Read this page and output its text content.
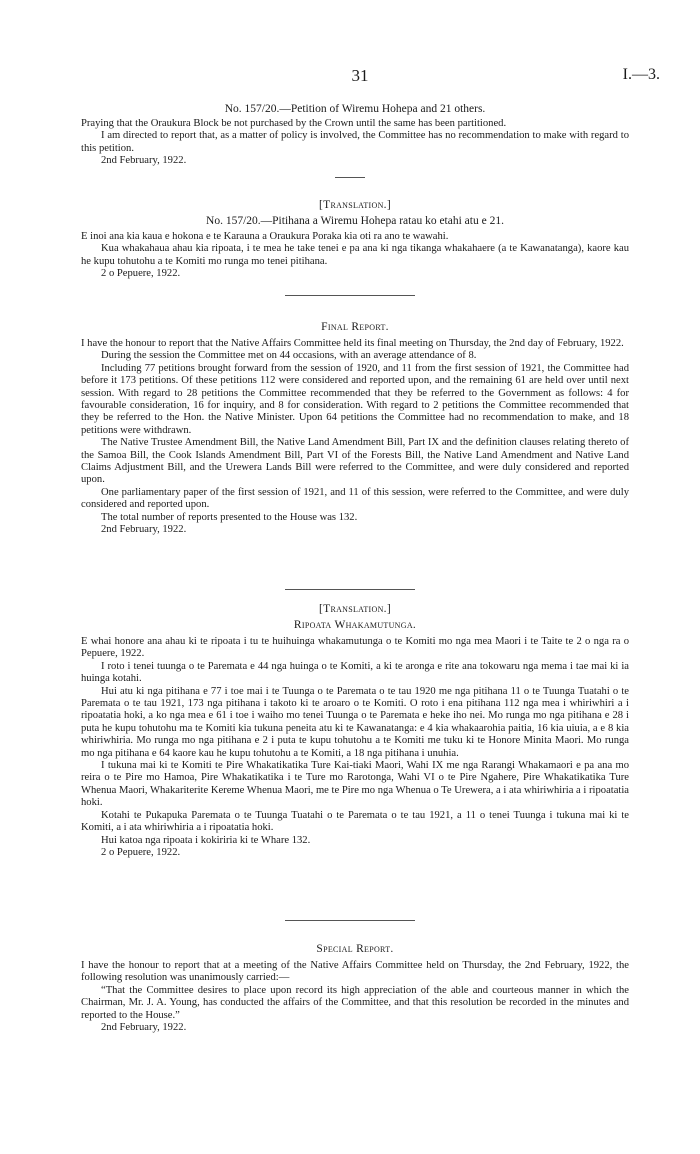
31	I.—3.
No. 157/20.—Petition of Wiremu Hohepa and 21 others.

Praying that the Oraukura Block be not purchased by the Crown until the same has been partitioned.

I am directed to report that, as a matter of policy is involved, the Committee has no recommendation to make with regard to this petition.

2nd February, 1922.

[Translation.]
No. 157/20.—Pitihana a Wiremu Hohepa ratau ko etahi atu e 21.

E inoi ana kia kaua e hokona e te Karauna a Oraukura Poraka kia oti ra ano te wawahi.

Kua whakahaua ahau kia ripoata, i te mea he take tenei e pa ana ki nga tikanga whakahaere (a te Kawanatanga), kaore kau he kupu tohutohu a te Komiti mo runga mo tenei pitihana.

2 o Pepuere, 1922.

Final Report.

I have the honour to report that the Native Affairs Committee held its final meeting on Thursday, the 2nd day of February, 1922.

During the session the Committee met on 44 occasions, with an average attendance of 8.

Including 77 petitions brought forward from the session of 1920, and 11 from the first session of 1921, the Committee had before it 173 petitions. Of these petitions 112 were considered and reported upon, and the remaining 61 are held over until next session. With regard to 28 petitions the Committee recommended that they be referred to the Government as follows: 4 for favourable consideration, 16 for inquiry, and 8 for consideration. With regard to 2 petitions the Committee recommended that they be referred to the Hon. the Native Minister. Upon 64 petitions the Committee had no recommendation to make, and 18 petitions were withdrawn.

The Native Trustee Amendment Bill, the Native Land Amendment Bill, Part IX and the definition clauses relating thereto of the Samoa Bill, the Cook Islands Amendment Bill, Part VI of the Forests Bill, the Native Land Amendment and Native Land Claims Adjustment Bill, and the Urewera Lands Bill were referred to the Committee, and were duly considered and reported upon.

One parliamentary paper of the first session of 1921, and 11 of this session, were referred to the Committee, and were duly considered and reported upon.

The total number of reports presented to the House was 132.

2nd February, 1922.

[Translation.]
Ripoata Whakamutunga.

E whai honore ana ahau ki te ripoata i tu te huihuinga whakamutunga o te Komiti mo nga mea Maori i te Taite te 2 o nga ra o Pepuere, 1922.

I roto i tenei tuunga o te Paremata e 44 nga huinga o te Komiti, a ki te aronga e rite ana tokowaru nga mema i tae mai ki ia huinga kotahi.

Hui atu ki nga pitihana e 77 i toe mai i te Tuunga o te Paremata o te tau 1920 me nga pitihana 11 o te Tuunga Tuatahi o te Paremata o te tau 1921, 173 nga pitihana i takoto ki te aroaro o te Komiti. O roto i ena pitihana 112 nga mea i whiriwhiri a i ripoatatia hoki, a ko nga mea e 61 i toe i waiho mo tenei Tuunga o te Paremata e heke iho nei. Mo runga mo nga pitihana e 28 i puta he kupu tohutohu ma te Komiti kia tukuna peneita atu ki te Kawanatanga: e 4 kia whakaarohia paitia, 16 kia uiuia, a e 8 kia whiriwhiria. Mo runga mo nga pitihana e 2 i puta te kupu tohutohu a te Komiti me tuku ki te Honore Minita Maori. Mo runga mo nga pitihana e 64 kaore kau he kupu tohutohu a te Komiti, a 18 nga pitihana i unuhia.

I tukuna mai ki te Komiti te Pire Whakatikatika Ture Kai-tiaki Maori, Wahi IX me nga Rarangi Whakamaori e pa ana mo reira o te Pire mo Hamoa, Pire Whakatikatika i te Ture mo Rarotonga, Wahi VI o te Pire Ngahere, Pire Whakatikatika Ture Whenua Maori, Whakariterite Kereme Whenua Maori, me te Pire mo nga Whenua o Te Urewera, a i ata whiriwhiria a i ripoatatia hoki.

Kotahi te Pukapuka Paremata o te Tuunga Tuatahi o te Paremata o te tau 1921, a 11 o tenei Tuunga i tukuna mai ki te Komiti, a i ata whiriwhiria a i ripoatatia hoki.

Hui katoa nga ripoata i kokiriria ki te Whare 132.

2 o Pepuere, 1922.

Special Report.

I have the honour to report that at a meeting of the Native Affairs Committee held on Thursday, the 2nd February, 1922, the following resolution was unanimously carried:—

“That the Committee desires to place upon record its high appreciation of the able and courteous manner in which the Chairman, Mr. J. A. Young, has conducted the affairs of the Committee, and that this resolution be recorded in the minutes and reported to the House.”

2nd February, 1922.
